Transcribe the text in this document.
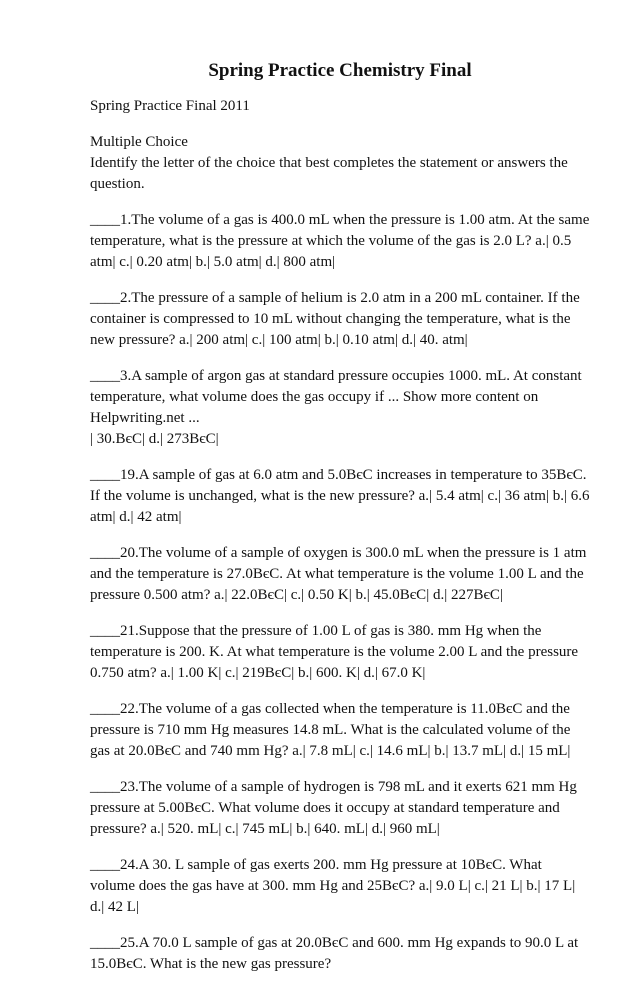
Spring Practice Chemistry Final

Spring Practice Final 2011

Multiple Choice
Identify the letter of the choice that best completes the statement or answers the question.

____1.The volume of a gas is 400.0 mL when the pressure is 1.00 atm. At the same temperature, what is the pressure at which the volume of the gas is 2.0 L? a.| 0.5 atm| c.| 0.20 atm| b.| 5.0 atm| d.| 800 atm|

____2.The pressure of a sample of helium is 2.0 atm in a 200 mL container. If the container is compressed to 10 mL without changing the temperature, what is the new pressure? a.| 200 atm| c.| 100 atm| b.| 0.10 atm| d.| 40. atm|

____3.A sample of argon gas at standard pressure occupies 1000. mL. At constant temperature, what volume does the gas occupy if ... Show more content on Helpwriting.net ...
| 30.BєC| d.| 273BєC|

____19.A sample of gas at 6.0 atm and 5.0BєC increases in temperature to 35BєC. If the volume is unchanged, what is the new pressure? a.| 5.4 atm| c.| 36 atm| b.| 6.6 atm| d.| 42 atm|

____20.The volume of a sample of oxygen is 300.0 mL when the pressure is 1 atm and the temperature is 27.0BєC. At what temperature is the volume 1.00 L and the pressure 0.500 atm? a.| 22.0BєC| c.| 0.50 K| b.| 45.0BєC| d.| 227BєC|

____21.Suppose that the pressure of 1.00 L of gas is 380. mm Hg when the temperature is 200. K. At what temperature is the volume 2.00 L and the pressure 0.750 atm? a.| 1.00 K| c.| 219BєC| b.| 600. K| d.| 67.0 K|

____22.The volume of a gas collected when the temperature is 11.0BєC and the pressure is 710 mm Hg measures 14.8 mL. What is the calculated volume of the gas at 20.0BєC and 740 mm Hg? a.| 7.8 mL| c.| 14.6 mL| b.| 13.7 mL| d.| 15 mL|

____23.The volume of a sample of hydrogen is 798 mL and it exerts 621 mm Hg pressure at 5.00BєC. What volume does it occupy at standard temperature and pressure? a.| 520. mL| c.| 745 mL| b.| 640. mL| d.| 960 mL|

____24.A 30. L sample of gas exerts 200. mm Hg pressure at 10BєC. What volume does the gas have at 300. mm Hg and 25BєC? a.| 9.0 L| c.| 21 L| b.| 17 L| d.| 42 L|

____25.A 70.0 L sample of gas at 20.0BєC and 600. mm Hg expands to 90.0 L at 15.0BєC. What is the new gas pressure?
